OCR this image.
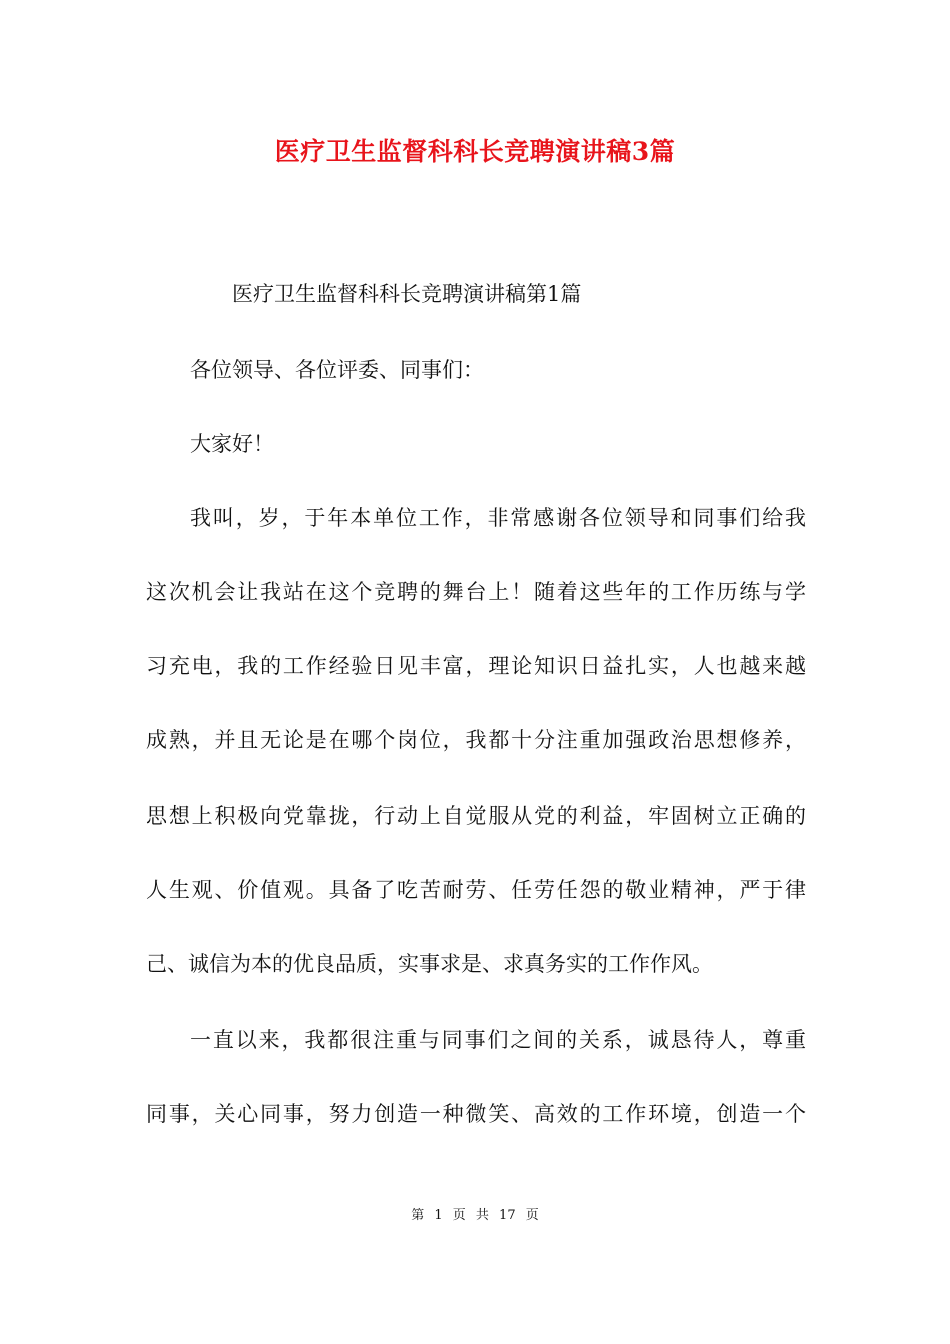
医疗卫生监督科科长竞聘演讲稿3篇
医疗卫生监督科科长竞聘演讲稿第1篇
各位领导、各位评委、同事们：
大家好！
我叫，岁，于年本单位工作，非常感谢各位领导和同事们给我
这次机会让我站在这个竞聘的舞台上！随着这些年的工作历练与学
习充电，我的工作经验日见丰富，理论知识日益扎实，人也越来越
成熟，并且无论是在哪个岗位，我都十分注重加强政治思想修养，
思想上积极向党靠拢，行动上自觉服从党的利益，牢固树立正确的
人生观、价值观。具备了吃苦耐劳、任劳任怨的敬业精神，严于律
己、诚信为本的优良品质，实事求是、求真务实的工作作风。
一直以来，我都很注重与同事们之间的关系，诚恳待人，尊重
同事，关心同事，努力创造一种微笑、高效的工作环境，创造一个
第 1 页 共 17 页
